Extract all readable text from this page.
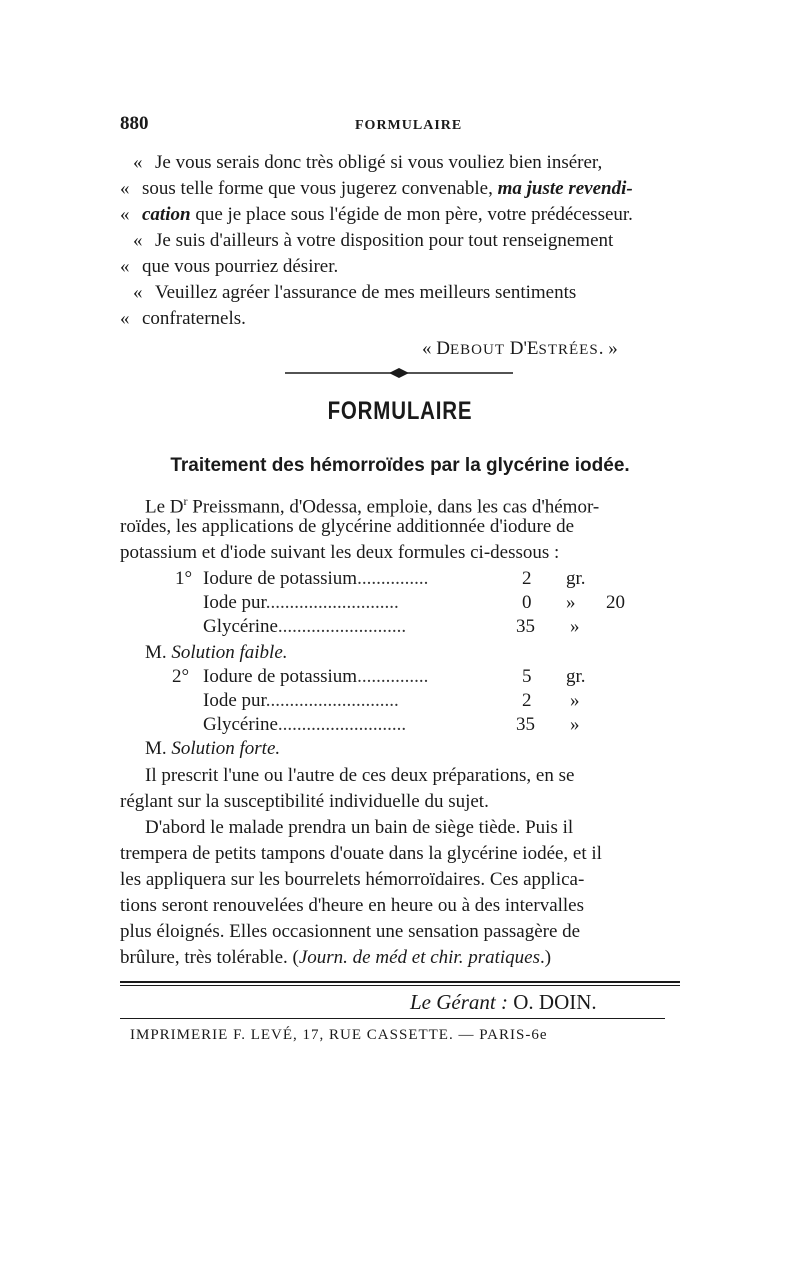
880	FORMULAIRE
« Je vous serais donc très obligé si vous vouliez bien insérer,
« sous telle forme que vous jugerez convenable, ma juste revendi-
« cation que je place sous l'égide de mon père, votre prédécesseur.
« Je suis d'ailleurs à votre disposition pour tout renseignement
« que vous pourriez désirer.
« Veuillez agréer l'assurance de mes meilleurs sentiments
« confraternels.
« DEBOUT D'ESTRÉES. »
FORMULAIRE
Traitement des hémorroïdes par la glycérine iodée.
Le $D^r$ Preissmann, d'Odessa, emploie, dans les cas d'hémor-
roïdes, les applications de glycérine additionnée d'iodure de
potassium et d'iode suivant les deux formules ci-dessous :
1° Iodure de potassium...............	2 gr.
Iode pur............................	0 » 20
Glycérine...........................	35 »
M. Solution faible.
2° Iodure de potassium...............	5 gr.
Iode pur............................	2 »
Glycérine...........................	35 »
M. Solution forte.
Il prescrit l'une ou l'autre de ces deux préparations, en se
réglant sur la susceptibilité individuelle du sujet.
D'abord le malade prendra un bain de siège tiède. Puis il
trempera de petits tampons d'ouate dans la glycérine iodée, et il
les appliquera sur les bourrelets hémorroïdaires. Ces applica-
tions seront renouvelées d'heure en heure ou à des intervalles
plus éloignés. Elles occasionnent une sensation passagère de
brûlure, très tolérable. (Journ. de méd et chir. pratiques.)
Le Gérant : O. DOIN.
IMPRIMERIE F. LEVÉ, 17, RUE CASSETTE. — PARIS-6e
